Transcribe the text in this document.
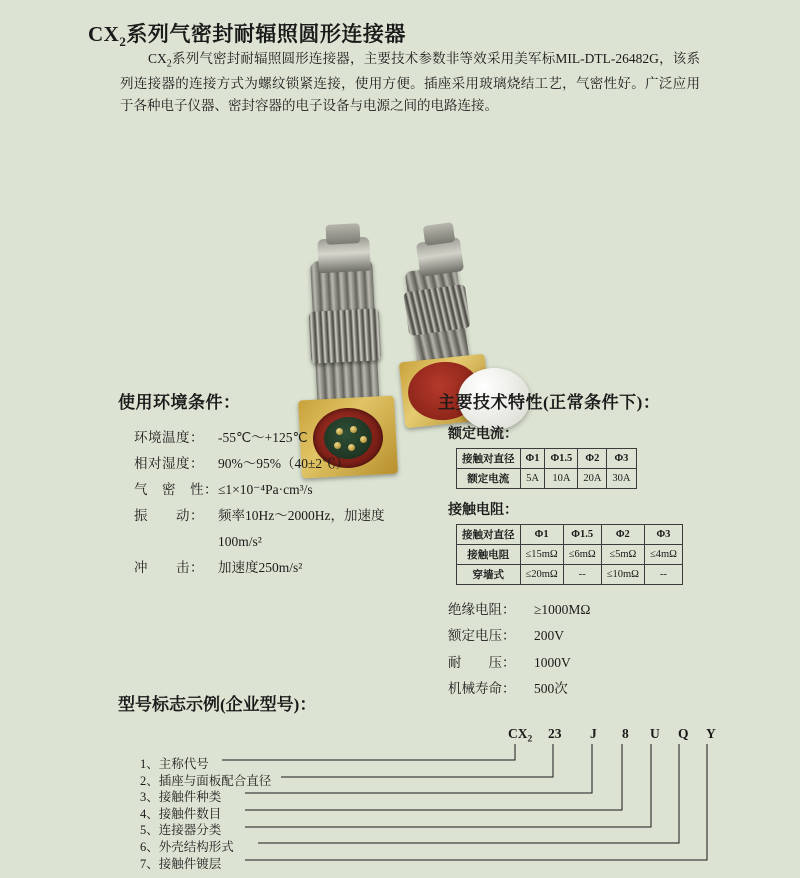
$CX_2$系列气密封耐辐照圆形连接器
$CX_2$系列气密封耐辐照圆形连接器，主要技术参数非等效采用美军标MIL-DTL-26482G，该系列连接器的连接方式为螺纹锁紧连接，使用方便。插座采用玻璃烧结工艺，气密性好。广泛应用于各种电子仪器、密封容器的电子设备与电源之间的电路连接。
使用环境条件：
环境温度：	-55℃～+125℃
相对湿度：	90%～95%（40±2℃）
气　密　性： ≤1×10⁻⁴Pa·cm³/s
振　　动：	频率10Hz～2000Hz，加速度100m/s²
冲　　击：	加速度250m/s²
主要技术特性(正常条件下)：
额定电流：
接触对直径	Φ1	Φ1.5	Φ2	Φ3
额定电流	5A	10A	20A	30A
接触电阻：
接触对直径	Φ1	Φ1.5	Φ2	Φ3
接触电阻	≤15mΩ	≤6mΩ	≤5mΩ	≤4mΩ
穿墙式	≤20mΩ	--	≤10mΩ	--
绝缘电阻：	≥1000MΩ
额定电压：	200V
耐　　压：	1000V
机械寿命：	500次
型号标志示例(企业型号)：
$CX_2$ 23 J 8 U Q Y
1、主称代号
2、插座与面板配合直径
3、接触件种类
4、接触件数目
5、连接器分类
6、外壳结构形式
7、接触件镀层
